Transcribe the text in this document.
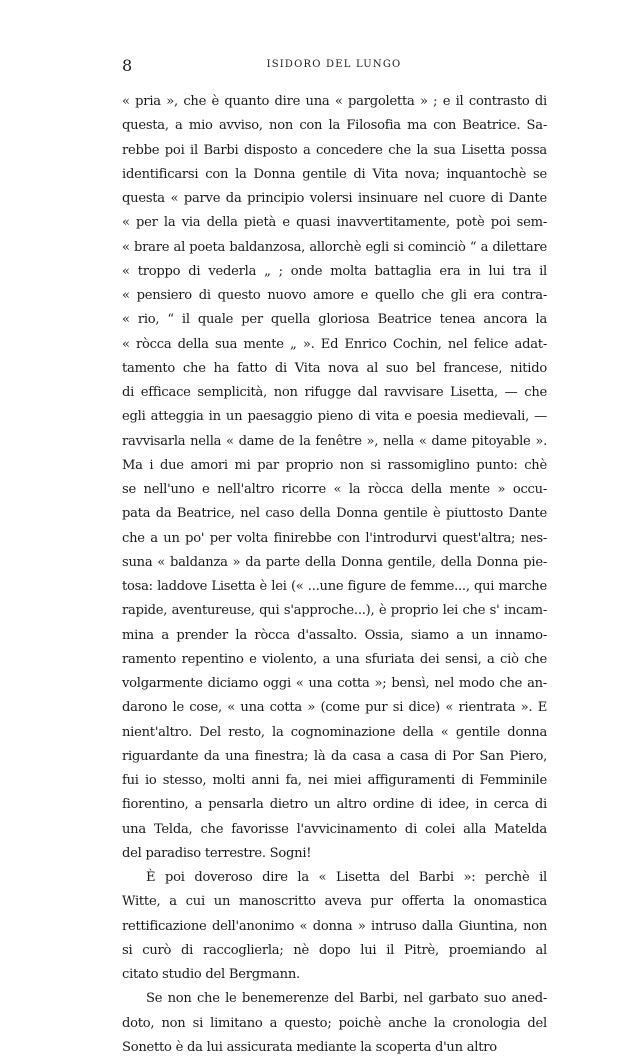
8	ISIDORO DEL LUNGO
« pria », che è quanto dire una « pargoletta » ; e il contrasto di
questa, a mio avviso, non con la Filosofia ma con Beatrice. Sa-
rebbe poi il Barbi disposto a concedere che la sua Lisetta possa
identificarsi con la Donna gentile di Vita nova; inquantochè se
questa « parve da principio volersi insinuare nel cuore di Dante
« per la via della pietà e quasi inavvertitamente, potè poi sem-
« brare al poeta baldanzosa, allorchè egli si cominciò “ a dilettare
« troppo di vederla „ ; onde molta battaglia era in lui tra il
« pensiero di questo nuovo amore e quello che gli era contra-
« rio, “ il quale per quella gloriosa Beatrice tenea ancora la
« ròcca della sua mente „ ». Ed Enrico Cochin, nel felice adat-
tamento che ha fatto di Vita nova al suo bel francese, nitido
di efficace semplicità, non rifugge dal ravvisare Lisetta, — che
egli atteggia in un paesaggio pieno di vita e poesia medievali, —
ravvisarla nella « dame de la fenêtre », nella « dame pitoyable ».
Ma i due amori mi par proprio non si rassomiglino punto: chè
se nell'uno e nell'altro ricorre « la ròcca della mente » occu-
pata da Beatrice, nel caso della Donna gentile è piuttosto Dante
che a un po' per volta finirebbe con l'introdurvi quest'altra; nes-
suna « baldanza » da parte della Donna gentile, della Donna pie-
tosa: laddove Lisetta è lei (« ...une figure de femme..., qui marche
rapide, aventureuse, qui s'approche...), è proprio lei che s' incam-
mina a prender la ròcca d'assalto. Ossia, siamo a un innamo-
ramento repentino e violento, a una sfuriata dei sensi, a ciò che
volgarmente diciamo oggi « una cotta »; bensì, nel modo che an-
darono le cose, « una cotta » (come pur si dice) « rientrata ». E
nient'altro. Del resto, la cognominazione della « gentile donna
riguardante da una finestra; là da casa a casa di Por San Piero,
fui io stesso, molti anni fa, nei miei affiguramenti di Femminile
fiorentino, a pensarla dietro un altro ordine di idee, in cerca di
una Telda, che favorisse l'avvicinamento di colei alla Matelda
del paradiso terrestre. Sogni!
È poi doveroso dire la « Lisetta del Barbi »: perchè il
Witte, a cui un manoscritto aveva pur offerta la onomastica
rettificazione dell'anonimo « donna » intruso dalla Giuntina, non
si curò di raccoglierla; nè dopo lui il Pitrè, proemiando al
citato studio del Bergmann.
Se non che le benemerenze del Barbi, nel garbato suo aned-
doto, non si limitano a questo; poichè anche la cronologia del
Sonetto è da lui assicurata mediante la scoperta d'un altro
